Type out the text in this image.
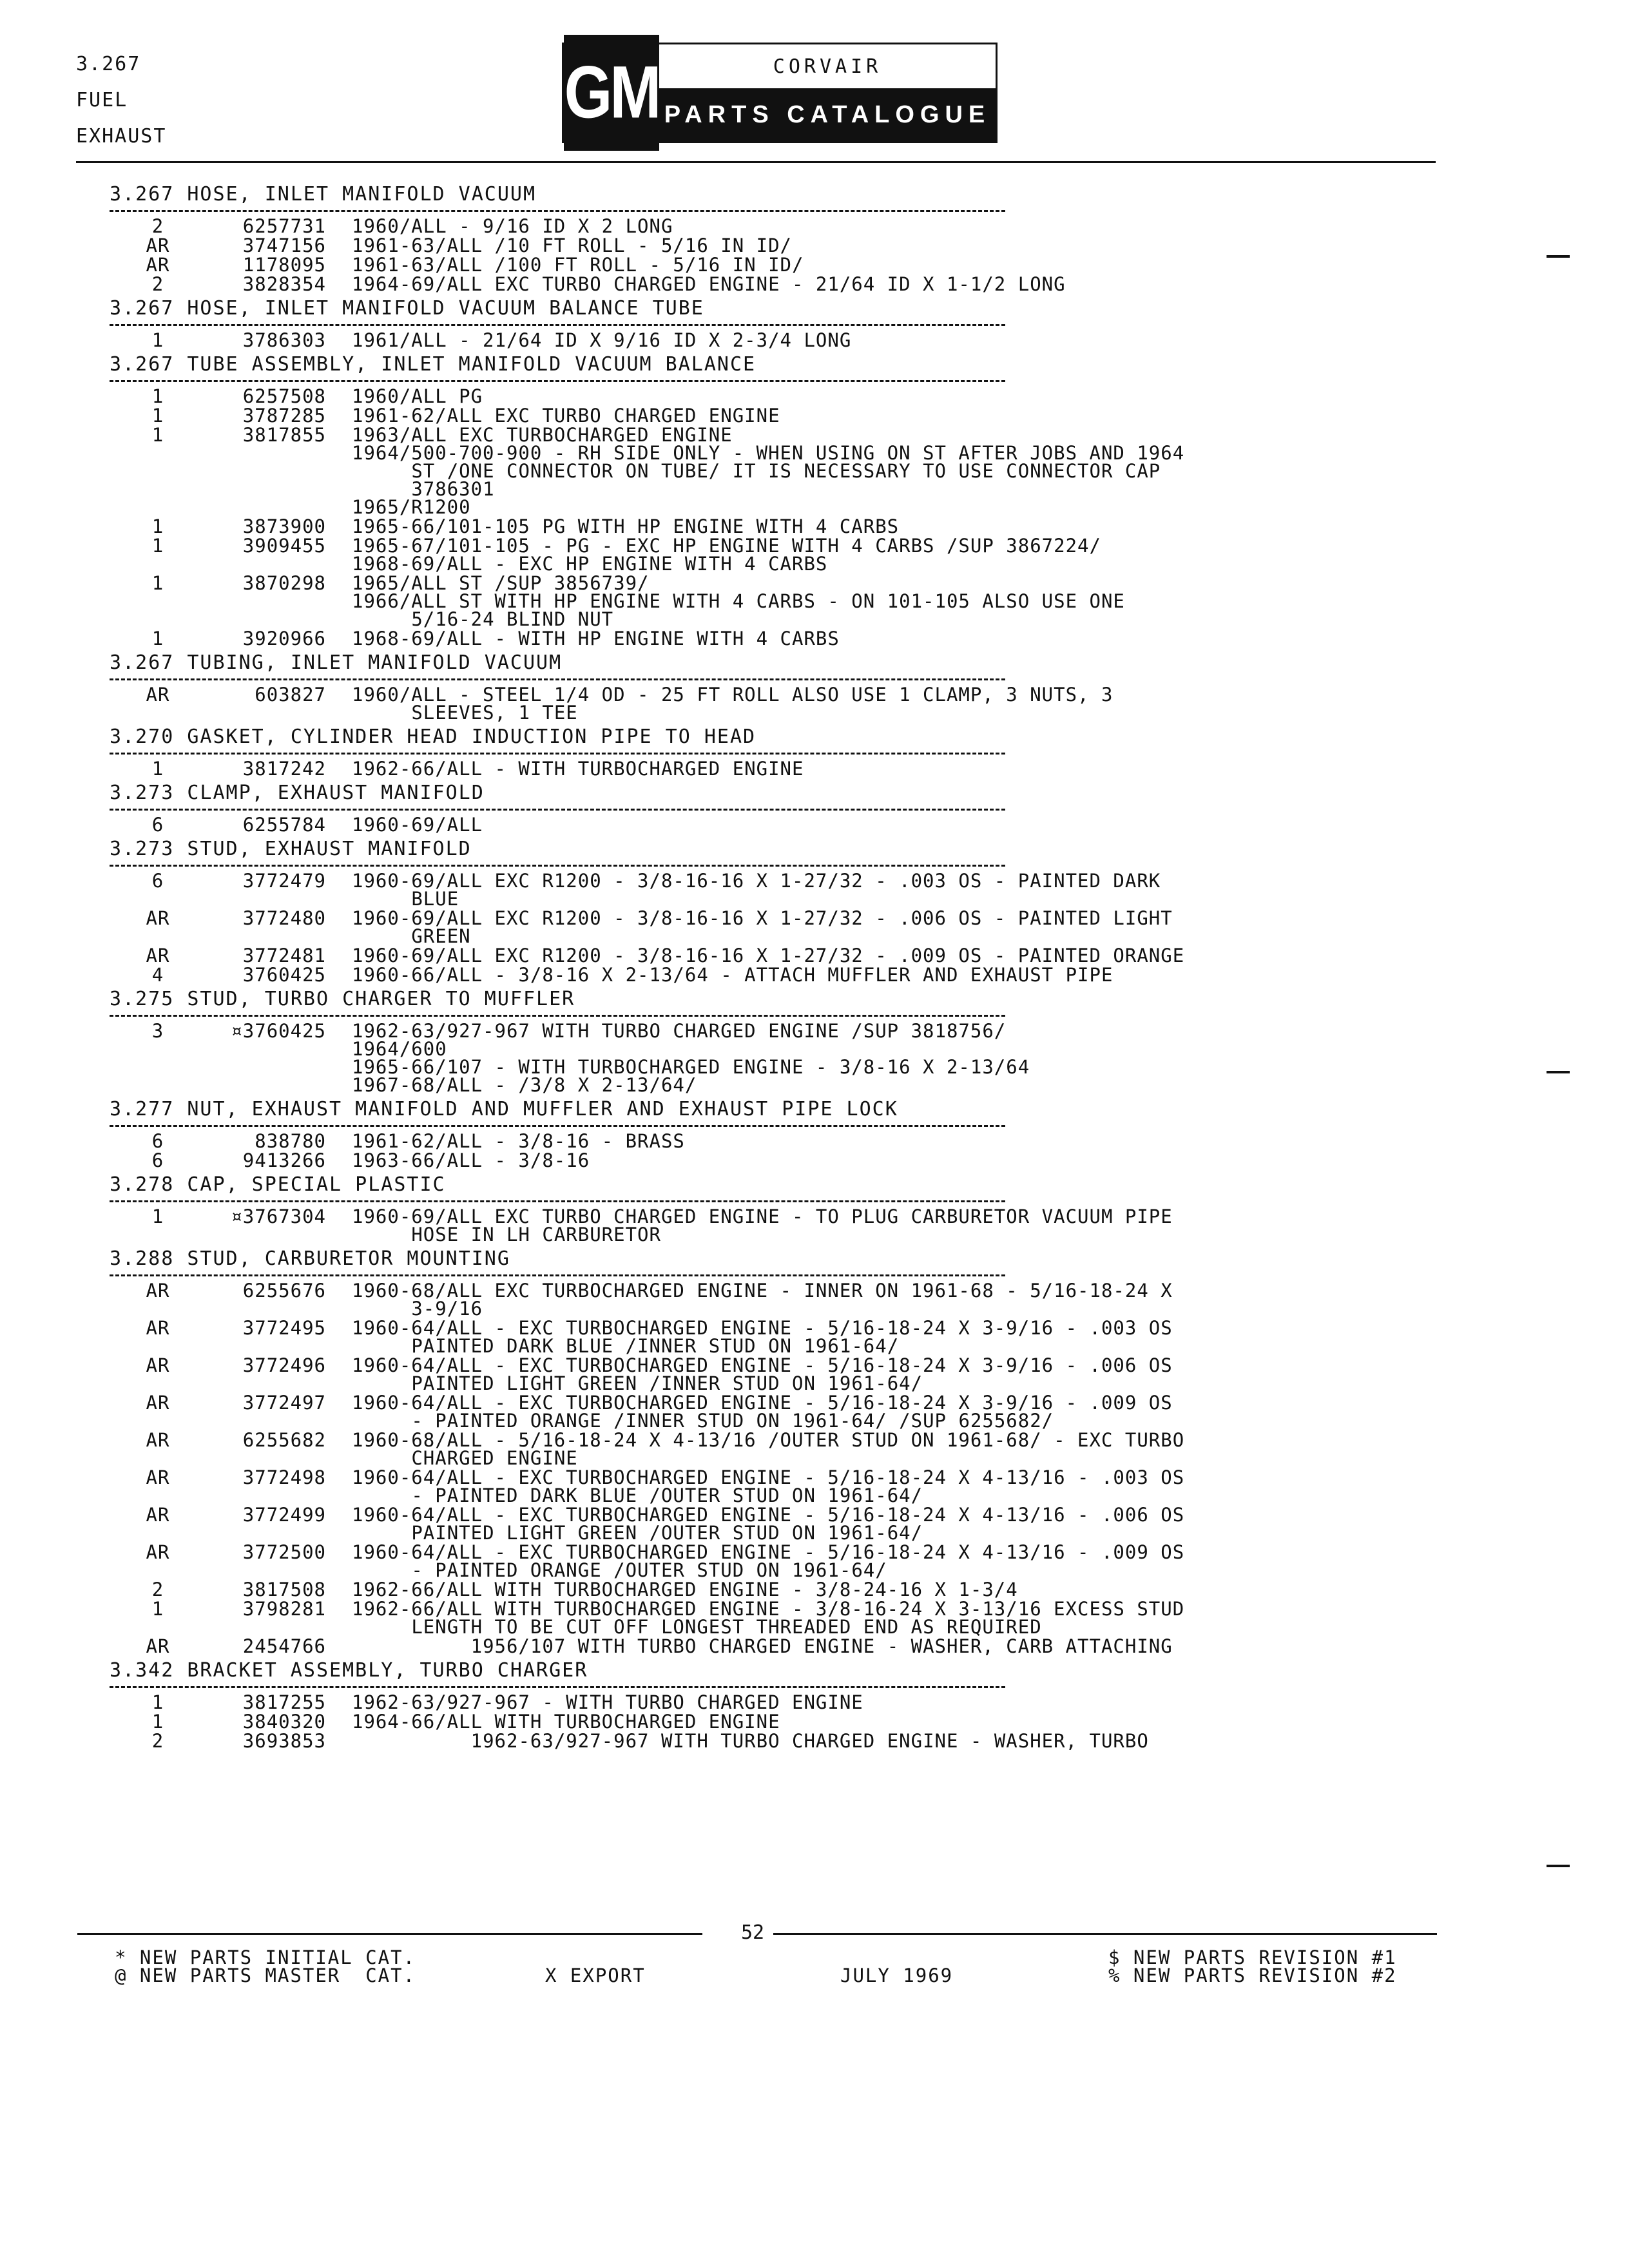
3.267
FUEL
EXHAUST
GM	CORVAIR
PARTS CATALOGUE
3.267 HOSE, INLET MANIFOLD VACUUM
2	6257731	1960/ALL - 9/16 ID X 2 LONG
AR	3747156	1961-63/ALL /10 FT ROLL - 5/16 IN ID/
AR	1178095	1961-63/ALL /100 FT ROLL - 5/16 IN ID/
2	3828354	1964-69/ALL EXC TURBO CHARGED ENGINE - 21/64 ID X 1-1/2 LONG
3.267 HOSE, INLET MANIFOLD VACUUM BALANCE TUBE
1	3786303	1961/ALL - 21/64 ID X 9/16 ID X 2-3/4 LONG
3.267 TUBE ASSEMBLY, INLET MANIFOLD VACUUM BALANCE
1	6257508	1960/ALL PG
1	3787285	1961-62/ALL EXC TURBO CHARGED ENGINE
1	3817855	1963/ALL EXC TURBOCHARGED ENGINE
1964/500-700-900 - RH SIDE ONLY - WHEN USING ON ST AFTER JOBS AND 1964
ST /ONE CONNECTOR ON TUBE/ IT IS NECESSARY TO USE CONNECTOR CAP
3786301
1965/R1200
1	3873900	1965-66/101-105 PG WITH HP ENGINE WITH 4 CARBS
1	3909455	1965-67/101-105 - PG - EXC HP ENGINE WITH 4 CARBS /SUP 3867224/
1968-69/ALL - EXC HP ENGINE WITH 4 CARBS
1	3870298	1965/ALL ST /SUP 3856739/
1966/ALL ST WITH HP ENGINE WITH 4 CARBS - ON 101-105 ALSO USE ONE
5/16-24 BLIND NUT
1	3920966	1968-69/ALL - WITH HP ENGINE WITH 4 CARBS
3.267 TUBING, INLET MANIFOLD VACUUM
AR	603827	1960/ALL - STEEL 1/4 OD - 25 FT ROLL ALSO USE 1 CLAMP, 3 NUTS, 3
SLEEVES, 1 TEE
3.270 GASKET, CYLINDER HEAD INDUCTION PIPE TO HEAD
1	3817242	1962-66/ALL - WITH TURBOCHARGED ENGINE
3.273 CLAMP, EXHAUST MANIFOLD
6	6255784	1960-69/ALL
3.273 STUD, EXHAUST MANIFOLD
6	3772479	1960-69/ALL EXC R1200 - 3/8-16-16 X 1-27/32 - .003 OS - PAINTED DARK
BLUE
AR	3772480	1960-69/ALL EXC R1200 - 3/8-16-16 X 1-27/32 - .006 OS - PAINTED LIGHT
GREEN
AR	3772481	1960-69/ALL EXC R1200 - 3/8-16-16 X 1-27/32 - .009 OS - PAINTED ORANGE
4	3760425	1960-66/ALL - 3/8-16 X 2-13/64 - ATTACH MUFFLER AND EXHAUST PIPE
3.275 STUD, TURBO CHARGER TO MUFFLER
3	¤3760425	1962-63/927-967 WITH TURBO CHARGED ENGINE /SUP 3818756/
1964/600
1965-66/107 - WITH TURBOCHARGED ENGINE - 3/8-16 X 2-13/64
1967-68/ALL - /3/8 X 2-13/64/
3.277 NUT, EXHAUST MANIFOLD AND MUFFLER AND EXHAUST PIPE LOCK
6	838780	1961-62/ALL - 3/8-16 - BRASS
6	9413266	1963-66/ALL - 3/8-16
3.278 CAP, SPECIAL PLASTIC
1	¤3767304	1960-69/ALL EXC TURBO CHARGED ENGINE - TO PLUG CARBURETOR VACUUM PIPE
HOSE IN LH CARBURETOR
3.288 STUD, CARBURETOR MOUNTING
AR	6255676	1960-68/ALL EXC TURBOCHARGED ENGINE - INNER ON 1961-68 - 5/16-18-24 X
3-9/16
AR	3772495	1960-64/ALL - EXC TURBOCHARGED ENGINE - 5/16-18-24 X 3-9/16 - .003 OS
PAINTED DARK BLUE /INNER STUD ON 1961-64/
AR	3772496	1960-64/ALL - EXC TURBOCHARGED ENGINE - 5/16-18-24 X 3-9/16 - .006 OS
PAINTED LIGHT GREEN /INNER STUD ON 1961-64/
AR	3772497	1960-64/ALL - EXC TURBOCHARGED ENGINE - 5/16-18-24 X 3-9/16 - .009 OS
- PAINTED ORANGE /INNER STUD ON 1961-64/ /SUP 6255682/
AR	6255682	1960-68/ALL - 5/16-18-24 X 4-13/16 /OUTER STUD ON 1961-68/ - EXC TURBO
CHARGED ENGINE
AR	3772498	1960-64/ALL - EXC TURBOCHARGED ENGINE - 5/16-18-24 X 4-13/16 - .003 OS
- PAINTED DARK BLUE /OUTER STUD ON 1961-64/
AR	3772499	1960-64/ALL - EXC TURBOCHARGED ENGINE - 5/16-18-24 X 4-13/16 - .006 OS
PAINTED LIGHT GREEN /OUTER STUD ON 1961-64/
AR	3772500	1960-64/ALL - EXC TURBOCHARGED ENGINE - 5/16-18-24 X 4-13/16 - .009 OS
- PAINTED ORANGE /OUTER STUD ON 1961-64/
2	3817508	1962-66/ALL WITH TURBOCHARGED ENGINE - 3/8-24-16 X 1-3/4
1	3798281	1962-66/ALL WITH TURBOCHARGED ENGINE - 3/8-16-24 X 3-13/16 EXCESS STUD
LENGTH TO BE CUT OFF LONGEST THREADED END AS REQUIRED
AR	2454766	1956/107 WITH TURBO CHARGED ENGINE - WASHER, CARB ATTACHING
3.342 BRACKET ASSEMBLY, TURBO CHARGER
1	3817255	1962-63/927-967 - WITH TURBO CHARGED ENGINE
1	3840320	1964-66/ALL WITH TURBOCHARGED ENGINE
2	3693853	1962-63/927-967 WITH TURBO CHARGED ENGINE - WASHER, TURBO
52
* NEW PARTS INITIAL CAT.
@ NEW PARTS MASTER  CAT.	X EXPORT	JULY 1969
$ NEW PARTS REVISION #1
% NEW PARTS REVISION #2
